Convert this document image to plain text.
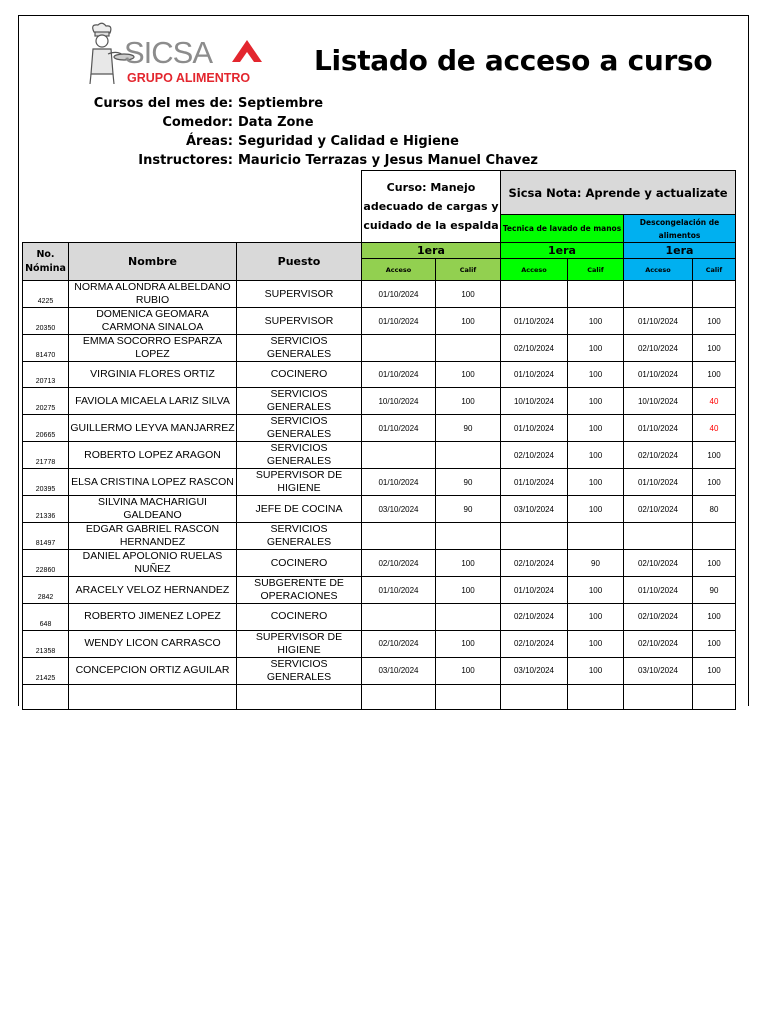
SICSA
GRUPO ALIMENTRO
Listado de acceso a curso
Cursos del mes de: Septiembre
Comedor: Data Zone
Áreas: Seguridad y Calidad e Higiene
Instructores: Mauricio Terrazas y Jesus Manuel Chavez
			Curso: Manejo adecuado de cargas y cuidado de la espalda		Sicsa Nota: Aprende y actualizate			
					Tecnica de lavado de manos		Descongelación de alimentos	
No. Nómina	Nombre	Puesto	1era		1era		1era	
			Acceso	Calif	Acceso	Calif	Acceso	Calif
4225	NORMA ALONDRA ALBELDANO RUBIO	SUPERVISOR	01/10/2024	100				
20350	DOMENICA GEOMARA CARMONA SINALOA	SUPERVISOR	01/10/2024	100	01/10/2024	100	01/10/2024	100
81470	EMMA SOCORRO ESPARZA LOPEZ	SERVICIOS GENERALES			02/10/2024	100	02/10/2024	100
20713	VIRGINIA FLORES ORTIZ	COCINERO	01/10/2024	100	01/10/2024	100	01/10/2024	100
20275	FAVIOLA MICAELA LARIZ SILVA	SERVICIOS GENERALES	10/10/2024	100	10/10/2024	100	10/10/2024	40
20665	GUILLERMO LEYVA MANJARREZ	SERVICIOS GENERALES	01/10/2024	90	01/10/2024	100	01/10/2024	40
21778	ROBERTO LOPEZ ARAGON	SERVICIOS GENERALES			02/10/2024	100	02/10/2024	100
20395	ELSA CRISTINA LOPEZ RASCON	SUPERVISOR DE HIGIENE	01/10/2024	90	01/10/2024	100	01/10/2024	100
21336	SILVINA MACHARIGUI GALDEANO	JEFE DE COCINA	03/10/2024	90	03/10/2024	100	02/10/2024	80
81497	EDGAR GABRIEL RASCON HERNANDEZ	SERVICIOS GENERALES						
22860	DANIEL APOLONIO RUELAS NUÑEZ	COCINERO	02/10/2024	100	02/10/2024	90	02/10/2024	100
2842	ARACELY VELOZ HERNANDEZ	SUBGERENTE DE OPERACIONES	01/10/2024	100	01/10/2024	100	01/10/2024	90
648	ROBERTO JIMENEZ LOPEZ	COCINERO			02/10/2024	100	02/10/2024	100
21358	WENDY LICON CARRASCO	SUPERVISOR DE HIGIENE	02/10/2024	100	02/10/2024	100	02/10/2024	100
21425	CONCEPCION ORTIZ AGUILAR	SERVICIOS GENERALES	03/10/2024	100	03/10/2024	100	03/10/2024	100
